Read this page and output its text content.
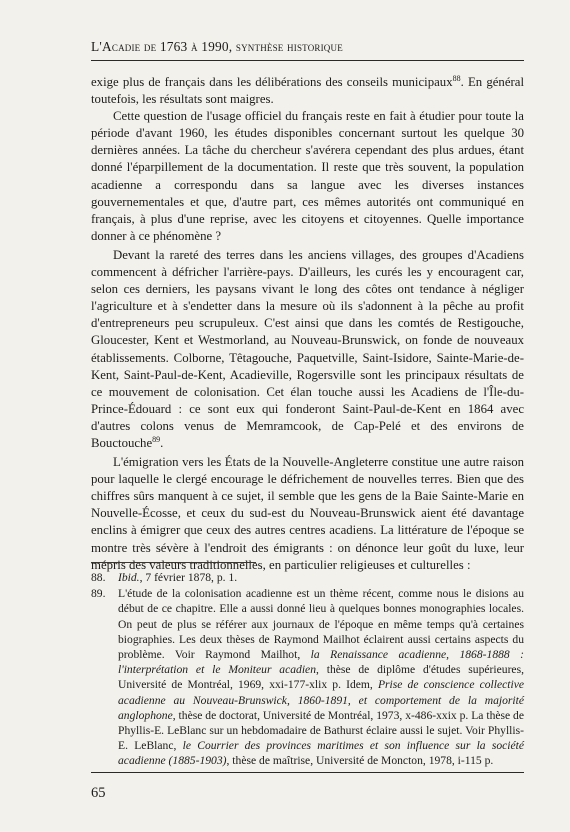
L'Acadie de 1763 à 1990, synthèse historique

exige plus de français dans les délibérations des conseils municipaux$^{88}$. En général toutefois, les résultats sont maigres.

Cette question de l'usage officiel du français reste en fait à étudier pour toute la période d'avant 1960, les études disponibles concernant surtout les quelque 30 dernières années. La tâche du chercheur s'avérera cependant des plus ardues, étant donné l'éparpillement de la documentation. Il reste que très souvent, la population acadienne a correspondu dans sa langue avec les diverses instances gouvernementales et que, d'autre part, ces mêmes autorités ont communiqué en français, à plus d'une reprise, avec les citoyens et citoyennes. Quelle importance donner à ce phénomène ?

Devant la rareté des terres dans les anciens villages, des groupes d'Acadiens commencent à défricher l'arrière-pays. D'ailleurs, les curés les y encouragent car, selon ces derniers, les paysans vivant le long des côtes ont tendance à négliger l'agriculture et à s'endetter dans la mesure où ils s'adonnent à la pêche au profit d'entrepreneurs peu scrupuleux. C'est ainsi que dans les comtés de Restigouche, Gloucester, Kent et Westmorland, au Nouveau-Brunswick, on fonde de nouveaux établissements. Colborne, Têtagouche, Paquetville, Saint-Isidore, Sainte-Marie-de-Kent, Saint-Paul-de-Kent, Acadieville, Rogersville sont les principaux résultats de ce mouvement de colonisation. Cet élan touche aussi les Acadiens de l'Île-du-Prince-Édouard : ce sont eux qui fonderont Saint-Paul-de-Kent en 1864 avec d'autres colons venus de Memramcook, de Cap-Pelé et des environs de Bouctouche$^{89}$.

L'émigration vers les États de la Nouvelle-Angleterre constitue une autre raison pour laquelle le clergé encourage le défrichement de nouvelles terres. Bien que des chiffres sûrs manquent à ce sujet, il semble que les gens de la Baie Sainte-Marie en Nouvelle-Écosse, et ceux du sud-est du Nouveau-Brunswick aient été davantage enclins à émigrer que ceux des autres centres acadiens. La littérature de l'époque se montre très sévère à l'endroit des émigrants : on dénonce leur goût du luxe, leur mépris des valeurs traditionnelles, en particulier religieuses et culturelles :

88.	Ibid., 7 février 1878, p. 1.
89.	L'étude de la colonisation acadienne est un thème récent, comme nous le disions au début de ce chapitre. Elle a aussi donné lieu à quelques bonnes monographies locales. On peut de plus se référer aux journaux de l'époque en même temps qu'à certaines biographies. Les deux thèses de Raymond Mailhot éclairent aussi certains aspects du problème. Voir Raymond Mailhot, la Renaissance acadienne, 1868-1888 : l'interprétation et le Moniteur acadien, thèse de diplôme d'études supérieures, Université de Montréal, 1969, xxi-177-xlix p. Idem, Prise de conscience collective acadienne au Nouveau-Brunswick, 1860-1891, et comportement de la majorité anglophone, thèse de doctorat, Université de Montréal, 1973, x-486-xxix p. La thèse de Phyllis-E. LeBlanc sur un hebdomadaire de Bathurst éclaire aussi le sujet. Voir Phyllis-E. LeBlanc, le Courrier des provinces maritimes et son influence sur la société acadienne (1885-1903), thèse de maîtrise, Université de Moncton, 1978, i-115 p.
65
